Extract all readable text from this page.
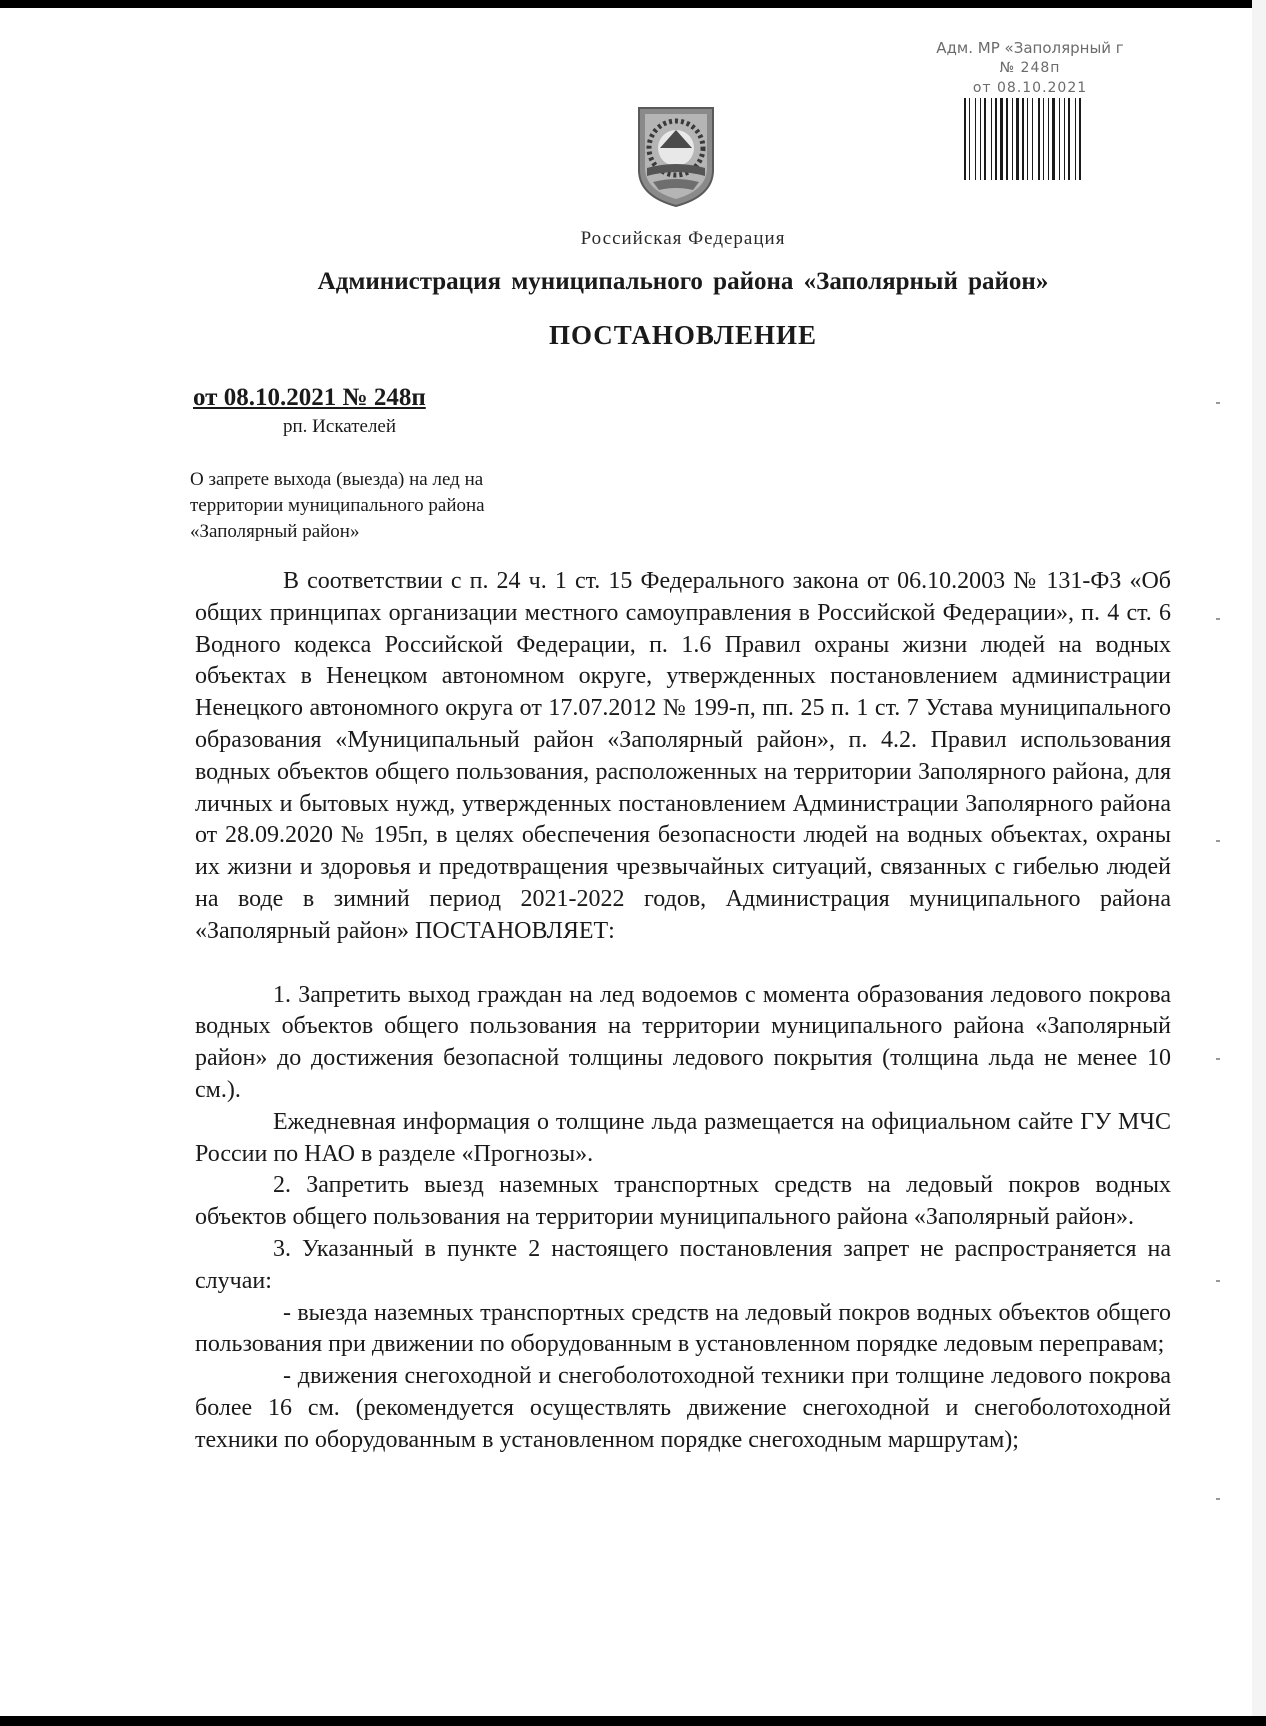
Адм. МР «Заполярный г
№ 248п
от 08.10.2021
Российская Федерация
Администрация муниципального района «Заполярный район»
ПОСТАНОВЛЕНИЕ
от 08.10.2021 № 248п
рп. Искателей
О запрете выхода (выезда) на лед на
территории муниципального района
«Заполярный район»

В соответствии с п. 24 ч. 1 ст. 15 Федерального закона от 06.10.2003 № 131-ФЗ «Об общих принципах организации местного самоуправления в Российской Федерации», п. 4 ст. 6 Водного кодекса Российской Федерации, п. 1.6 Правил охраны жизни людей на водных объектах в Ненецком автономном округе, утвержденных постановлением администрации Ненецкого автономного округа от 17.07.2012 № 199-п, пп. 25 п. 1 ст. 7 Устава муниципального образования «Муниципальный район «Заполярный район», п. 4.2. Правил использования водных объектов общего пользования, расположенных на территории Заполярного района, для личных и бытовых нужд, утвержденных постановлением Администрации Заполярного района от 28.09.2020 № 195п, в целях обеспечения безопасности людей на водных объектах, охраны их жизни и здоровья и предотвращения чрезвычайных ситуаций, связанных с гибелью людей на воде в зимний период 2021-2022 годов, Администрация муниципального района «Заполярный район» ПОСТАНОВЛЯЕТ:

1. Запретить выход граждан на лед водоемов с момента образования ледового покрова водных объектов общего пользования на территории муниципального района «Заполярный район» до достижения безопасной толщины ледового покрытия (толщина льда не менее 10 см.).

Ежедневная информация о толщине льда размещается на официальном сайте ГУ МЧС России по НАО в разделе «Прогнозы».

2. Запретить выезд наземных транспортных средств на ледовый покров водных объектов общего пользования на территории муниципального района «Заполярный район».

3. Указанный в пункте 2 настоящего постановления запрет не распространяется на случаи:

- выезда наземных транспортных средств на ледовый покров водных объектов общего пользования при движении по оборудованным в установленном порядке ледовым переправам;

- движения снегоходной и снегоболотоходной техники при толщине ледового покрова более 16 см. (рекомендуется осуществлять движение снегоходной и снегоболотоходной техники по оборудованным в установленном порядке снегоходным маршрутам);
